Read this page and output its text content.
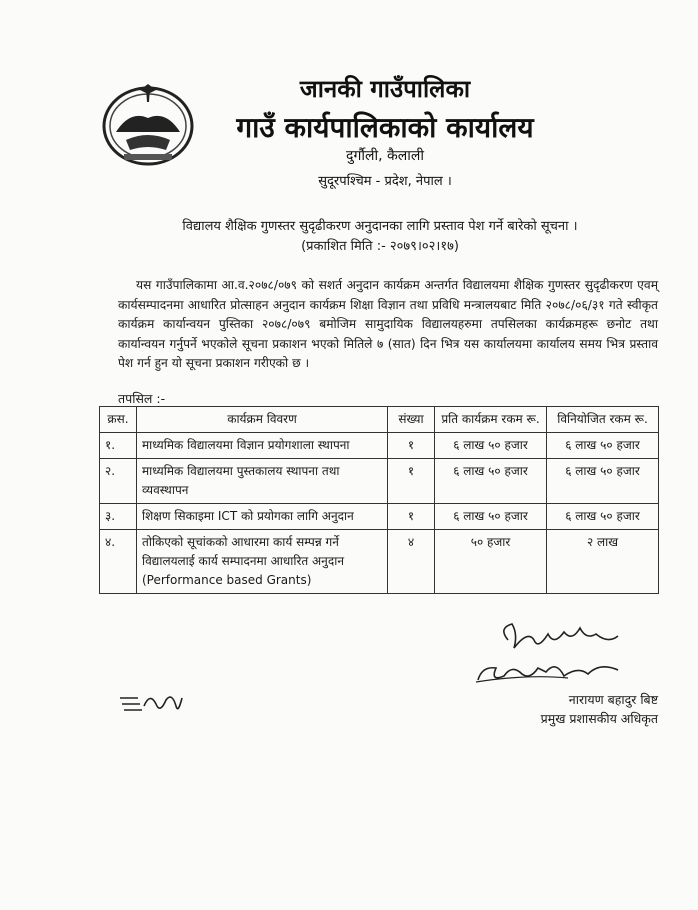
जानकी गाउँपालिका
गाउँ कार्यपालिकाको कार्यालय
दुर्गौली, कैलाली
सुदूरपश्चिम - प्रदेश, नेपाल ।
विद्यालय शैक्षिक गुणस्तर सुदृढीकरण अनुदानका लागि प्रस्ताव पेश गर्ने बारेको सूचना ।
(प्रकाशित मिति :- २०७९।०२।१७)
यस गाउँपालिकामा आ.व.२०७८/०७९ को सशर्त अनुदान कार्यक्रम अन्तर्गत विद्यालयमा शैक्षिक गुणस्तर सुदृढीकरण एवम् कार्यसम्पादनमा आधारित प्रोत्साहन अनुदान कार्यक्रम शिक्षा विज्ञान तथा प्रविधि मन्त्रालयबाट मिति २०७८/०६/३१ गते स्वीकृत कार्यक्रम कार्यान्वयन पुस्तिका २०७८/०७९ बमोजिम सामुदायिक विद्यालयहरुमा तपसिलका कार्यक्रमहरू छनोट तथा कार्यान्वयन गर्नुपर्ने भएकोले सूचना प्रकाशन भएको मितिले ७ (सात) दिन भित्र यस कार्यालयमा कार्यालय समय भित्र प्रस्ताव पेश गर्न हुन यो सूचना प्रकाशन गरीएको छ ।
तपसिल :-
क्रस.	कार्यक्रम विवरण	संख्या	प्रति कार्यक्रम रकम रू.	विनियोजित रकम रू.
१.	माध्यमिक विद्यालयमा विज्ञान प्रयोगशाला स्थापना	१	६ लाख ५० हजार	६ लाख ५० हजार
२.	माध्यमिक विद्यालयमा पुस्तकालय स्थापना तथा व्यवस्थापन	१	६ लाख ५० हजार	६ लाख ५० हजार
३.	शिक्षण सिकाइमा ICT को प्रयोगका लागि अनुदान	१	६ लाख ५० हजार	६ लाख ५० हजार
४.	तोकिएको सूचांकको आधारमा कार्य सम्पन्न गर्ने विद्यालयलाई कार्य सम्पादनमा आधारित अनुदान (Performance based Grants)	४	५० हजार	२ लाख
नारायण बहादुर बिष्ट
प्रमुख प्रशासकीय अधिकृत
